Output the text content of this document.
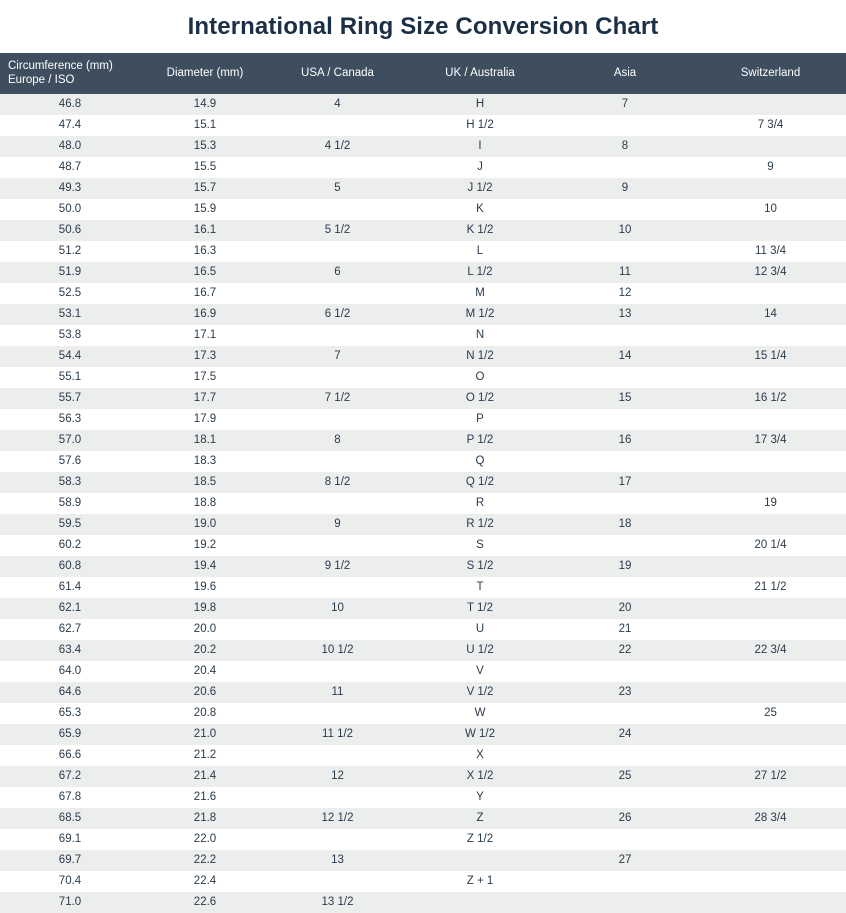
International Ring Size Conversion Chart
Circumference (mm)
Europe / ISO	Diameter (mm)	USA / Canada	UK / Australia	Asia	Switzerland
46.8	14.9	4	H	7	
47.4	15.1		H 1/2		7 3/4
48.0	15.3	4 1/2	I	8	
48.7	15.5		J		9
49.3	15.7	5	J 1/2	9	
50.0	15.9		K		10
50.6	16.1	5 1/2	K 1/2	10	
51.2	16.3		L		11 3/4
51.9	16.5	6	L 1/2	11	12 3/4
52.5	16.7		M	12	
53.1	16.9	6 1/2	M 1/2	13	14
53.8	17.1		N		
54.4	17.3	7	N 1/2	14	15 1/4
55.1	17.5		O		
55.7	17.7	7 1/2	O 1/2	15	16 1/2
56.3	17.9		P		
57.0	18.1	8	P 1/2	16	17 3/4
57.6	18.3		Q		
58.3	18.5	8 1/2	Q 1/2	17	
58.9	18.8		R		19
59.5	19.0	9	R 1/2	18	
60.2	19.2		S		20 1/4
60.8	19.4	9 1/2	S 1/2	19	
61.4	19.6		T		21 1/2
62.1	19.8	10	T 1/2	20	
62.7	20.0		U	21	
63.4	20.2	10 1/2	U 1/2	22	22 3/4
64.0	20.4		V		
64.6	20.6	11	V 1/2	23	
65.3	20.8		W		25
65.9	21.0	11 1/2	W 1/2	24	
66.6	21.2		X		
67.2	21.4	12	X 1/2	25	27 1/2
67.8	21.6		Y		
68.5	21.8	12 1/2	Z	26	28 3/4
69.1	22.0		Z 1/2		
69.7	22.2	13		27	
70.4	22.4		Z + 1		
71.0	22.6	13 1/2			
